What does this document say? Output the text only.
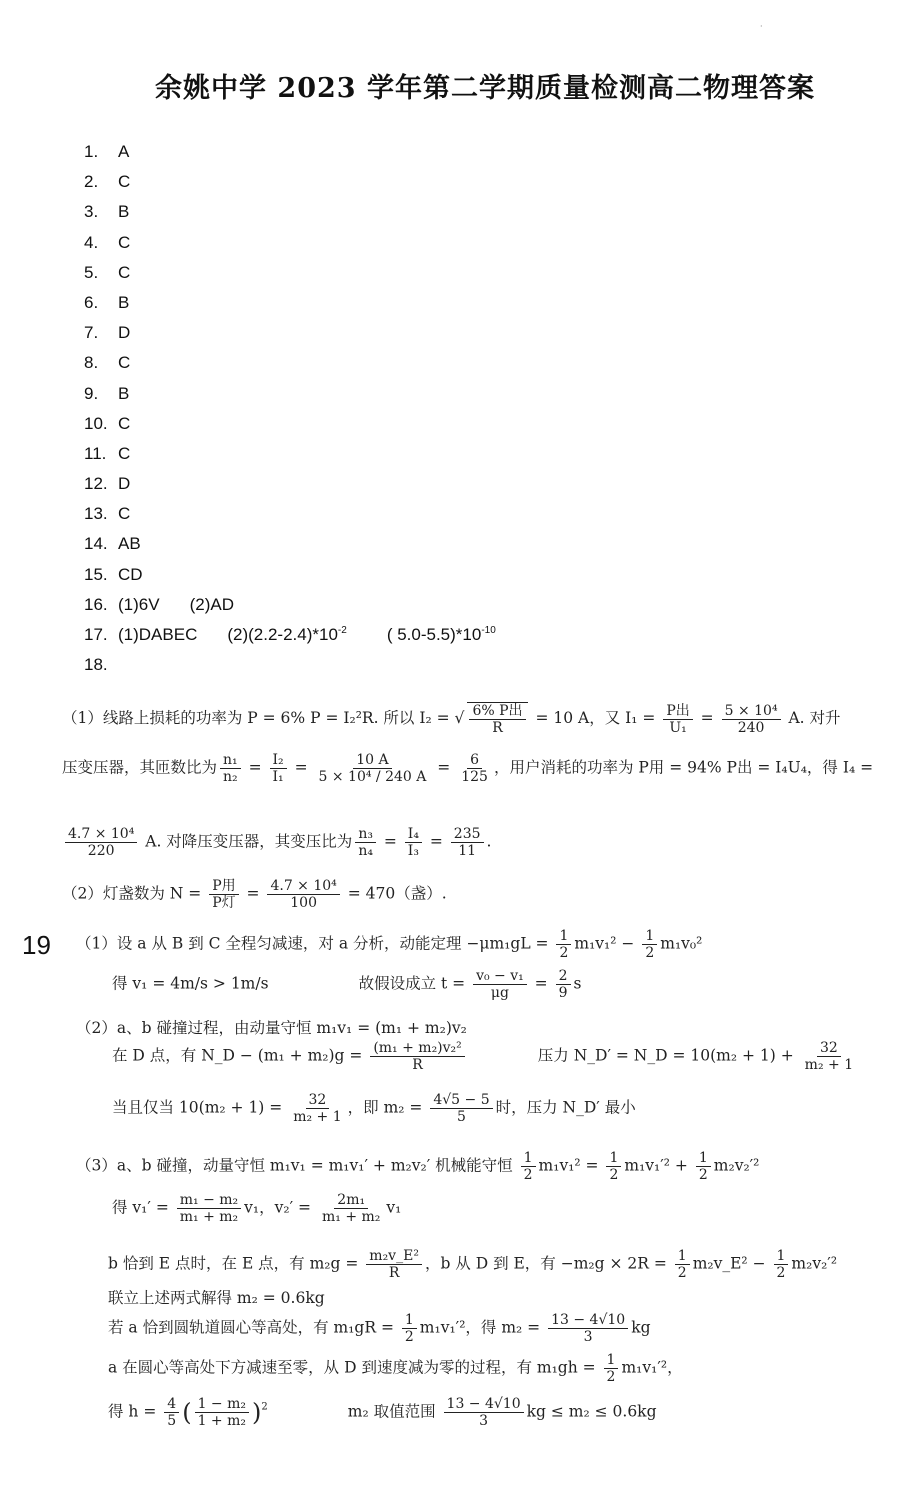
·
余姚中学 2023 学年第二学期质量检测高二物理答案
1. A
2. C
3. B
4. C
5. C
6. B
7. D
8. C
9. B
10. C
11. C
12. D
13. C
14. AB
15. CD
16. (1)6V (2)AD
17. (1)DABEC $(2)(2.2-2.4)*10^{-2}$ ( $5.0-5.5)*10^{-10}$
18.
（1）线路上损耗的功率为 P = 6% P = I₂²R. 所以 I₂ = √ $\frac{\text{6\% P出}}{R} = 10$ A，又 $I_1 = \frac{\text{P出}}{\text{U₁}} = \frac{\text{5 × 10⁴}}{240} A$. 对升
压变压器，其匝数比为 $\frac{\text{n₁}}{\text{n₂}} = \frac{\text{I₂}}{\text{I₁}} = \frac{10 A}{\text{5 × 10⁴ / 240 A}} = \frac{6}{125}$ ，用户消耗的功率为 P用 = 94% P出 = I₄U₄，得 I₄ =
$\frac{\text{4.7 × 10⁴}}{220} A$. 对降压变压器，其变压比为 $\frac{\text{n₃}}{\text{n₄}} = \frac{\text{I₄}}{\text{I₃}} = \frac{235}{11}$ .
（2）灯盏数为 $N = \frac{\text{P用}}{\text{P灯}} = \frac{\text{4.7 × 10⁴}}{100} = 470$（盏）.
19 （1）设 a 从 B 到 C 全程匀减速，对 a 分析，动能定理 $-\mu m_1gL = \frac{1}{2} m_1v_1^2 - \frac{1}{2} m_1v_0^2$
得 v₁ = 4m/s > 1m/s	故假设成立 $t = \frac{\text{v₀ − v₁}}{\mu g} = \frac{2}{9}$ s
（2）a、b 碰撞过程，由动量守恒 m₁v₁ = (m₁ + m₂)v₂
在 D 点，有 N_D − $(m_1 + m_2)g = \frac{\text{(m₁ + m₂)v₂²}}{R}$	压力 N_D′ = N_D = $10(m_2 + 1) + \frac{32}{\text{m₂ + 1}}$
当且仅当 $10(m_2 + 1) = \frac{32}{\text{m₂ + 1}}$ ，即 $m_2 = \frac{4√5 - 5}{5}$ 时，压力 N_D′ 最小
（3）a、b 碰撞，动量守恒 m₁v₁ = m₁v₁′ + m₂v₂′ 机械能守恒 $\frac{1}{2} m_1v_1^2 = \frac{1}{2} m_1v_1'^2 + \frac{1}{2} m_2v_2'^2$
得 $v_1' = \frac{\text{m₁ − m₂}}{\text{m₁ + m₂}} v_1$，$v_2' = \frac{\text{2m₁}}{\text{m₁ + m₂}} v_1$
b 恰到 E 点时，在 E 点，有 $m_2g = \frac{\text{m₂v\_E²}}{R}$ ，b 从 D 到 E，有 $-m_2g \times 2R = \frac{1}{2}$ m₂v_E² − $\frac{1}{2} m_2v_2'^2$
联立上述两式解得 m₂ = 0.6kg
若 a 恰到圆轨道圆心等高处，有 $m_1gR = \frac{1}{2} m_1v_1'^2$，得 $m_2 = \frac{13 - 4√10}{3}$ kg
a 在圆心等高处下方减速至零，从 D 到速度减为零的过程，有 $m_1gh = \frac{1}{2} m_1v_1'^2$，
得 $h = \frac{4}{5}$ ( $\frac{\text{1 − m₂}}{\text{1 + m₂}} )^2$	m₂ 取值范围 $\frac{13 - 4√10}{3}$ kg ≤ m₂ ≤ 0.6kg
